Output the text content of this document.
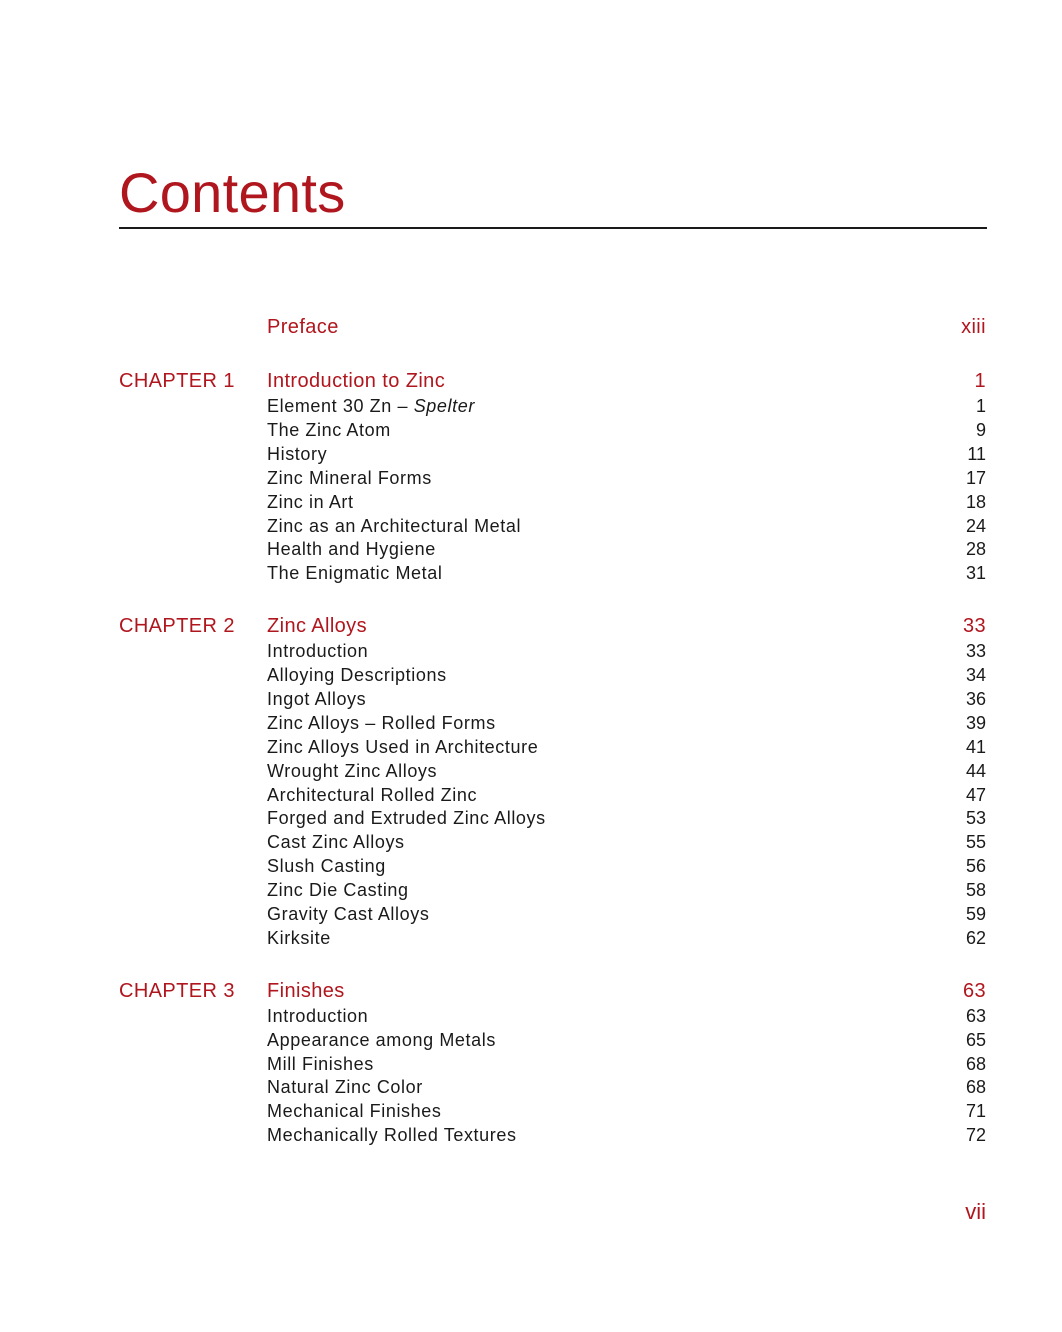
Contents
Preface	xiii
CHAPTER 1 Introduction to Zinc	1
Element 30 Zn – Spelter	1
The Zinc Atom	9
History	11
Zinc Mineral Forms	17
Zinc in Art	18
Zinc as an Architectural Metal	24
Health and Hygiene	28
The Enigmatic Metal	31
CHAPTER 2 Zinc Alloys	33
Introduction	33
Alloying Descriptions	34
Ingot Alloys	36
Zinc Alloys – Rolled Forms	39
Zinc Alloys Used in Architecture	41
Wrought Zinc Alloys	44
Architectural Rolled Zinc	47
Forged and Extruded Zinc Alloys	53
Cast Zinc Alloys	55
Slush Casting	56
Zinc Die Casting	58
Gravity Cast Alloys	59
Kirksite	62
CHAPTER 3 Finishes	63
Introduction	63
Appearance among Metals	65
Mill Finishes	68
Natural Zinc Color	68
Mechanical Finishes	71
Mechanically Rolled Textures	72
vii
